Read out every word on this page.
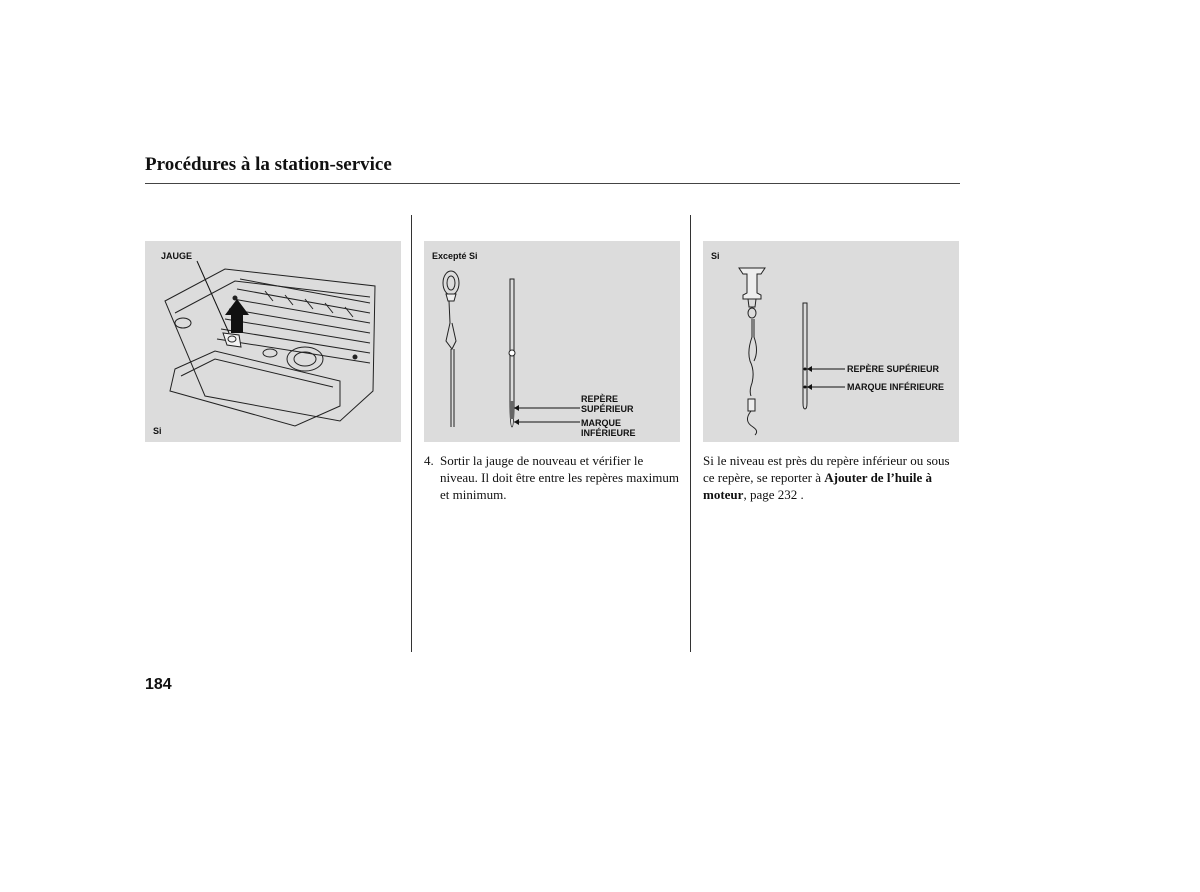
Procédures à la station-service
JAUGE
Si
Excepté Si
REPÈRE
SUPÉRIEUR
MARQUE
INFÉRIEURE
Si
REPÈRE SUPÉRIEUR
MARQUE INFÉRIEURE
4. Sortir la jauge de nouveau et vérifier le niveau. Il doit être entre les repères maximum et minimum.
Si le niveau est près du repère inférieur ou sous ce repère, se reporter à Ajouter de l’huile à moteur, page 232 .
184
